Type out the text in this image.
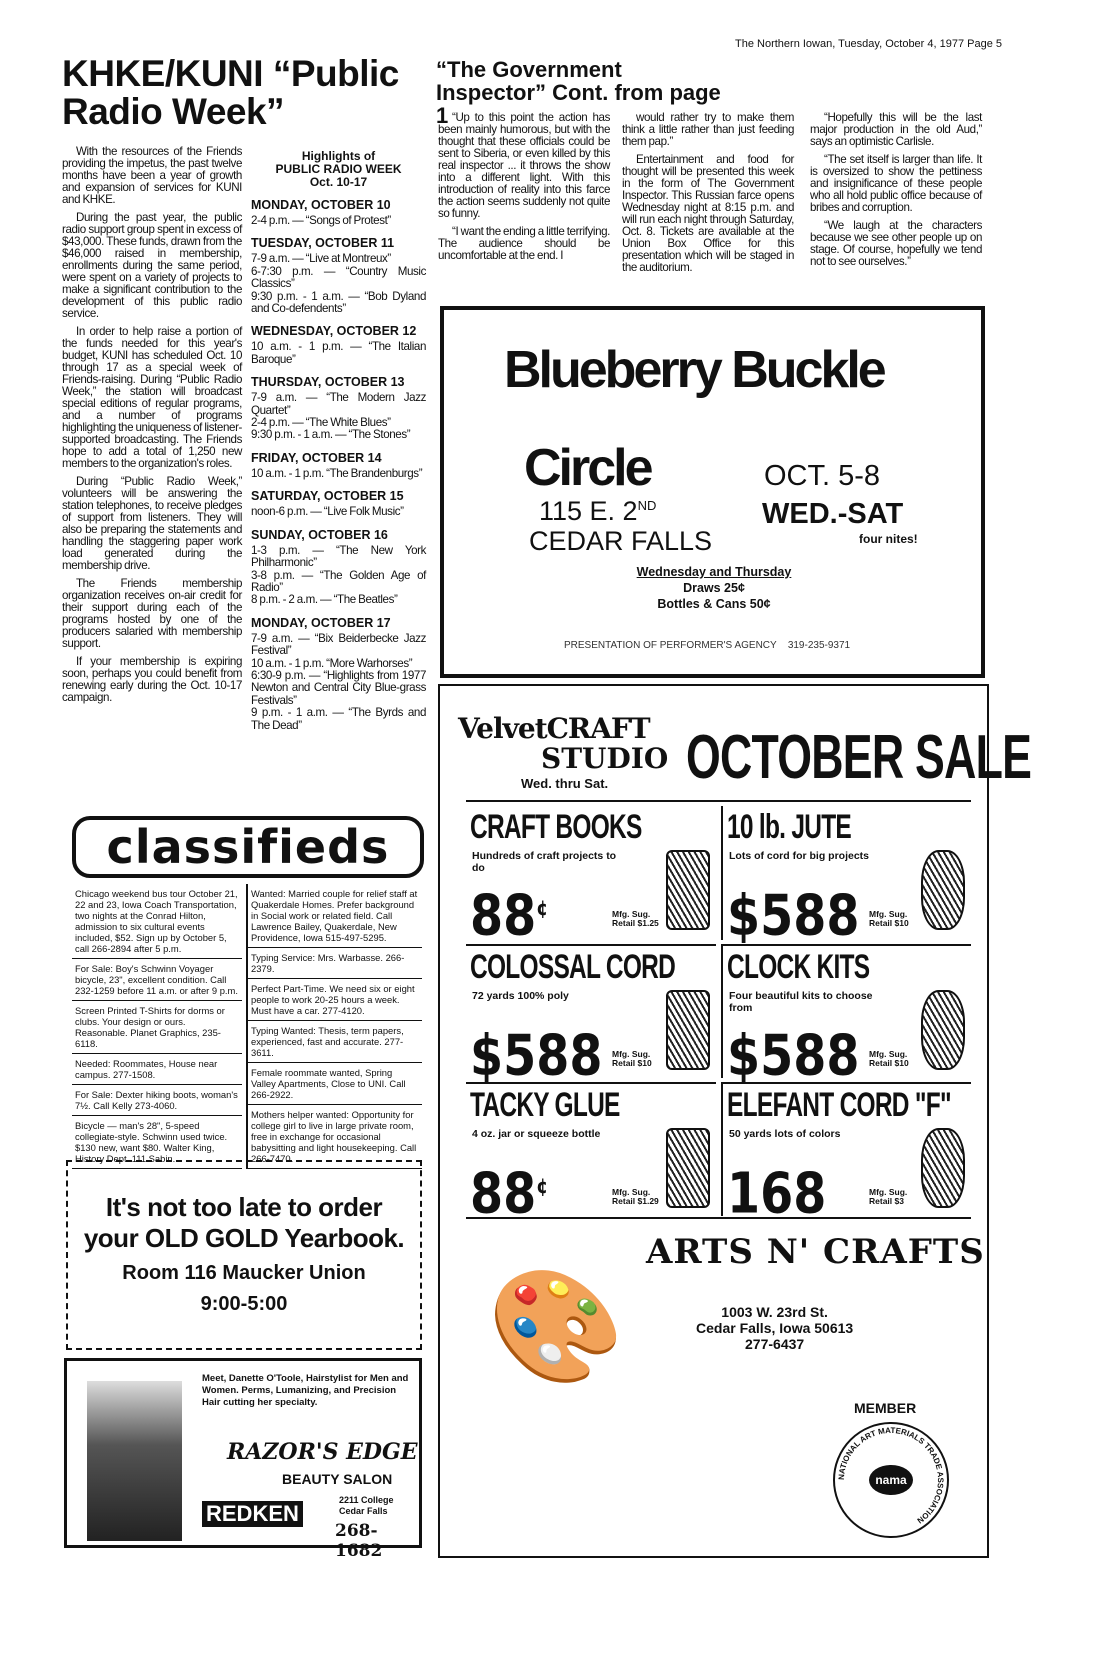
The Northern Iowan, Tuesday, October 4, 1977 Page 5
KHKE/KUNI “Public Radio Week”

With the resources of the Friends providing the impetus, the past twelve months have been a year of growth and expansion of services for KUNI and KHKE.

During the past year, the public radio support group spent in excess of $43,000. These funds, drawn from the $46,000 raised in membership, enrollments during the same period, were spent on a variety of projects to make a significant contribution to the development of this public radio service.

In order to help raise a portion of the funds needed for this year's budget, KUNI has scheduled Oct. 10 through 17 as a special week of Friends-raising. During “Public Radio Week,” the station will broadcast special editions of regular programs, and a number of programs highlighting the uniqueness of listener-supported broadcasting. The Friends hope to add a total of 1,250 new members to the organization's roles.

During “Public Radio Week,” volunteers will be answering the station telephones, to receive pledges of support from listeners. They will also be preparing the statements and handling the staggering paper work load generated during the membership drive.

The Friends membership organization receives on-air credit for their support during each of the programs hosted by one of the producers salaried with membership support.

If your membership is expiring soon, perhaps you could benefit from renewing early during the Oct. 10-17 campaign.

Highlights of
PUBLIC RADIO WEEK
Oct. 10-17
MONDAY, OCTOBER 10
2-4 p.m. — “Songs of Protest”
TUESDAY, OCTOBER 11
7-9 a.m. — “Live at Montreux”
6-7:30 p.m. — “Country Music Classics”
9:30 p.m. - 1 a.m. — “Bob Dyland and Co-defendents”
WEDNESDAY, OCTOBER 12
10 a.m. - 1 p.m. — “The Italian Baroque”
THURSDAY, OCTOBER 13
7-9 a.m. — “The Modern Jazz Quartet”
2-4 p.m. — “The White Blues”
9:30 p.m. - 1 a.m. — “The Stones”
FRIDAY, OCTOBER 14
10 a.m. - 1 p.m. “The Brandenburgs”
SATURDAY, OCTOBER 15
noon-6 p.m. — “Live Folk Music”
SUNDAY, OCTOBER 16
1-3 p.m. — “The New York Philharmonic”
3-8 p.m. — “The Golden Age of Radio”
8 p.m. - 2 a.m. — “The Beatles”
MONDAY, OCTOBER 17
7-9 a.m. — “Bix Beiderbecke Jazz Festival”
10 a.m. - 1 p.m. “More Warhorses”
6:30-9 p.m. — “Highlights from 1977 Newton and Central City Blue-grass Festivals”
9 p.m. - 1 a.m. — “The Byrds and The Dead”
“The Government Inspector” Cont. from page 1 “Up to this point the action has been mainly humorous, but with the thought that these officials could be sent to Siberia, or even killed by this real inspector ... it throws the show into a different light. With this introduction of reality into this farce the action seems suddenly not quite so funny.

“I want the ending a little terrifying. The audience should be uncomfortable at the end. I

would rather try to make them think a little rather than just feeding them pap.”

Entertainment and food for thought will be presented this week in the form of The Government Inspector. This Russian farce opens Wednesday night at 8:15 p.m. and will run each night through Saturday, Oct. 8. Tickets are available at the Union Box Office for this presentation which will be staged in the auditorium.

“Hopefully this will be the last major production in the old Aud,” says an optimistic Carlisle.

“The set itself is larger than life. It is oversized to show the pettiness and insignificance of these people who all hold public office because of bribes and corruption.

“We laugh at the characters because we see other people up on stage. Of course, hopefully we tend not to see ourselves.”

Blueberry Buckle
Circle
115 E. 2ND
CEDAR FALLS
OCT. 5-8
WED.-SAT
four nites!
Wednesday and Thursday
Draws 25¢
Bottles & Cans 50¢
PRESENTATION OF PERFORMER'S AGENCY 319-235-9371
VelvetCRAFT
STUDIO
Wed. thru Sat. OCTOBER SALE
CRAFT BOOKS
Hundreds of craft projects to do
88¢	Mfg. Sug. Retail $1.25
10 lb. JUTE
Lots of cord for big projects
$588 Mfg. Sug. Retail $10
COLOSSAL CORD
72 yards 100% poly
$588 Mfg. Sug. Retail $10
CLOCK KITS
Four beautiful kits to choose from
$588 Mfg. Sug. Retail $10
TACKY GLUE
4 oz. jar or squeeze bottle
88¢	Mfg. Sug. Retail $1.29
ELEFANT CORD "F"
50 yards lots of colors
168	Mfg. Sug. Retail $3
🎨
ARTS N' CRAFTS
1003 W. 23rd St.
Cedar Falls, Iowa 50613
277-6437
MEMBER
NATIONAL ART MATERIALS TRADE ASSOCIATION
nama
classifieds
Chicago weekend bus tour October 21, 22 and 23, Iowa Coach Transportation, two nights at the Conrad Hilton, admission to six cultural events included, $52. Sign up by October 5, call 266-2894 after 5 p.m.
For Sale: Boy's Schwinn Voyager bicycle, 23", excellent condition. Call 232-1259 before 11 a.m. or after 9 p.m.
Screen Printed T-Shirts for dorms or clubs. Your design or ours. Reasonable. Planet Graphics, 235-6118.
Needed: Roommates, House near campus. 277-1508.
For Sale: Dexter hiking boots, woman's 7½. Call Kelly 273-4060.
Bicycle — man's 28", 5-speed collegiate-style. Schwinn used twice. $130 new, want $80. Walter King, History Dept. 111 Sabin.
Wanted: Married couple for relief staff at Quakerdale Homes. Prefer background in Social work or related field. Call Lawrence Bailey, Quakerdale, New Providence, Iowa 515-497-5295.
Typing Service: Mrs. Warbasse. 266-2379.
Perfect Part-Time. We need six or eight people to work 20-25 hours a week. Must have a car. 277-4120.
Typing Wanted: Thesis, term papers, experienced, fast and accurate. 277-3611.
Female roommate wanted, Spring Valley Apartments, Close to UNI. Call 266-2922.
Mothers helper wanted: Opportunity for college girl to live in large private room, free in exchange for occasional babysitting and light housekeeping. Call 266-7470.
It's not too late to order
your OLD GOLD Yearbook.
Room 116 Maucker Union
9:00-5:00
Meet, Danette O'Toole, Hairstylist for Men and Women. Perms, Lumanizing, and Precision Hair cutting her specialty.
RAZOR'S EDGE
BEAUTY SALON
REDKEN
2211 College
Cedar Falls
268-1682
